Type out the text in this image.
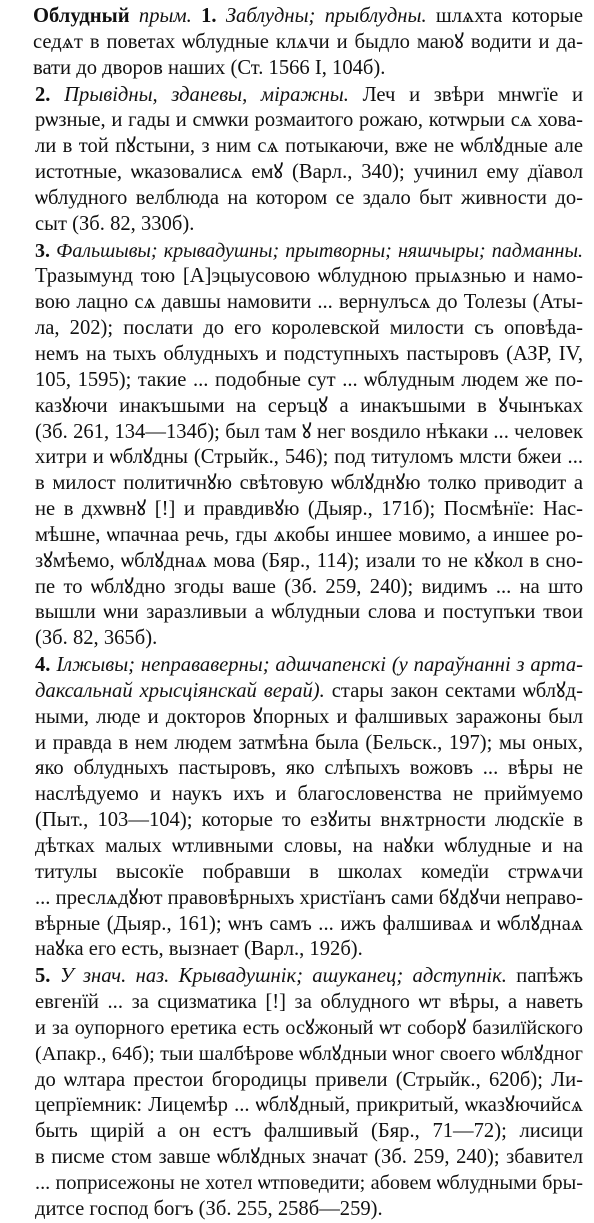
Облудный прым. 1. Заблудны; прыблудны. шлѧхта которые
седѧт в поветах ѡблудные клѧчи и быдло маюꙋ водити и да-
вати до дворов наших (Ст. 1566 I, 104б).
2. Прывідны, зданевы, міражны. Леч и звѣри мнѡгїе и
рѡзные, и гады и смѡки розмаитого рожаю, котѡрыи сѧ хова-
ли в той пꙋстыни, з ним сѧ потыкаючи, вже не ѡблꙋдные але
истотные, ѡказовалисѧ емꙋ (Варл., 340); учинил ему дїавол
ѡблудного велблюда на котором се здало быт живности до-
сыт (Зб. 82, 330б).
3. Фальшывы; крывадушны; прытворны; няшчыры; падманны.
Тразымунд тою [А]эцыусовою ѡблудною прыѧзнью и намо-
вою лацно сѧ давшы намовити ... вернулъсѧ до Толезы (Аты-
ла, 202); послати до его королевской милости съ оповѣда-
немъ на тыхъ облудныхъ и подступныхъ пастыровъ (АЗР, IV,
105, 1595); такие ... подобные сут ... ѡблудным людем же по-
казꙋючи инакъшыми на серъцꙋ а инакъшыми в ꙋчынъках
(Зб. 261, 134—134б); был там ꙋ нег воѕдило нѣкаки ... человек
хитри и ѡблꙋдны (Стрыйк., 546); под титуломъ млсти бжеи ...
в милост политичнꙋю свѣтовую ѡблꙋднꙋю толко приводит а
не в дхѡвнꙋ [!] и правдивꙋю (Дыяр., 171б); Посмѣнїе: Нас-
мѣшне, ѡпачнаа речь, гды ѧкобы иншее мовимо, а иншее ро-
зꙋмѣемо, ѡблꙋднаѧ мова (Бяр., 114); изали то не кꙋкол в сно-
пе то ѡблꙋдно згоды ваше (Зб. 259, 240); видимъ ... на што
вышли ѡни заразливыи а ѡблудныи слова и поступъки твои
(Зб. 82, 365б).
4. Ілжывы; неправаверны; адшчапенскі (у параўнанні з арта-
даксальнай хрысціянскай верай). стары закон сектами ѡблꙋд-
ными, люде и докторов ꙋпорных и фалшивых заражоны был
и правда в нем людем затмѣна была (Бельск., 197); мы оных,
яко облудныхъ пастыровъ, яко слѣпыхъ вожовъ ... вѣры не
наслѣдуемо и наукъ ихъ и благословенства не приймуемо
(Пыт., 103—104); которые то езꙋиты внѫтрности людскїе в
дѣтках малых ѡтливными словы, на наꙋки ѡблудные и на
титулы высокїе побравши в школах комедїи стрѡѧчи
... преслѧдꙋют правовѣрныхъ христїанъ сами бꙋдꙋчи неправо-
вѣрные (Дыяр., 161); ѡнъ самъ ... ижъ фалшиваѧ и ѡблꙋднаѧ
наꙋка его есть, вызнает (Варл., 192б).
5. У знач. наз. Крывадушнік; ашуканец; адступнік. папѣжъ
евгенїй ... за сцизматика [!] за облудного ѡт вѣры, а наветь
и за оупорного еретика есть осꙋжоный ѡт соборꙋ базилїйского
(Апакр., 64б); тыи шалбѣрове ѡблꙋдныи ѡног своего ѡблꙋдног
до ѡлтара престои бгородицы привели (Стрыйк., 620б); Ли-
цепрїемник: Лицемѣр ... ѡблꙋдный, прикритый, ѡказꙋючийсѧ
быть щирій а он естъ фалшивый (Бяр., 71—72); лисици
в писме стом завше ѡблꙋдных значат (Зб. 259, 240); збавител
... поприсежоны не хотел ѡтповедити; абовем ѡблудными бры-
дитсе господ богъ (Зб. 255, 258б—259).
